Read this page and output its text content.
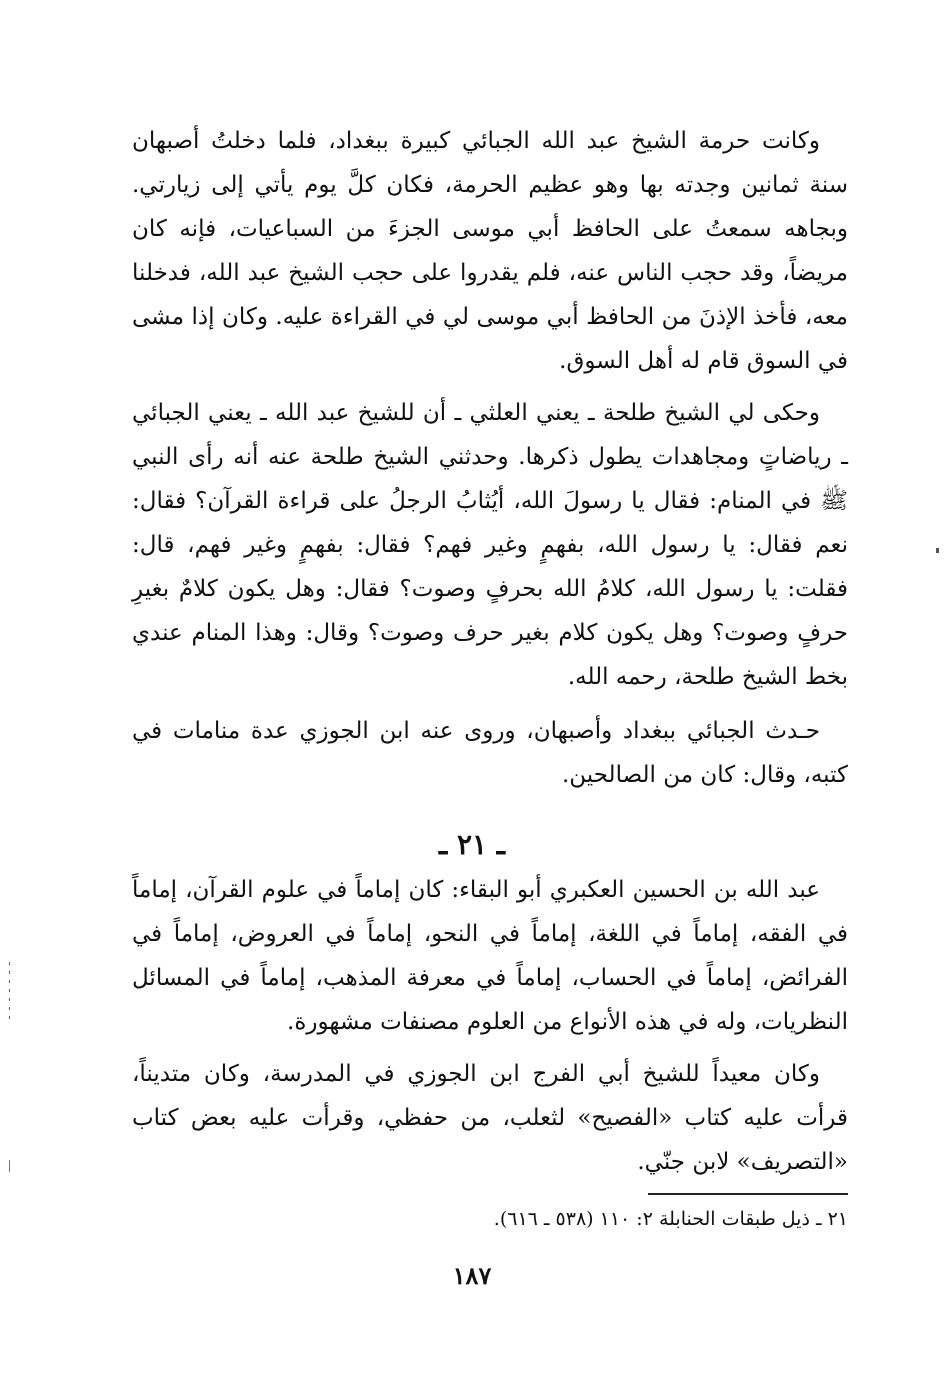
وكانت حرمة الشيخ عبد الله الجبائي كبيرة ببغداد، فلما دخلتُ أصبهان سنة ثمانين وجدته بها وهو عظيم الحرمة، فكان كلَّ يوم يأتي إلى زيارتي. وبجاهه سمعتُ على الحافظ أبي موسى الجزءَ من السباعيات، فإنه كان مريضاً، وقد حجب الناس عنه، فلم يقدروا على حجب الشيخ عبد الله، فدخلنا معه، فأخذ الإذنَ من الحافظ أبي موسى لي في القراءة عليه. وكان إذا مشى في السوق قام له أهل السوق.

وحكى لي الشيخ طلحة ـ يعني العلثي ـ أن للشيخ عبد الله ـ يعني الجبائي ـ رياضاتٍ ومجاهدات يطول ذكرها. وحدثني الشيخ طلحة عنه أنه رأى النبي ﷺ في المنام: فقال يا رسولَ الله، أيُثابُ الرجلُ على قراءة القرآن؟ فقال: نعم فقال: يا رسول الله، بفهمٍ وغير فهم؟ فقال: بفهمٍ وغير فهم، قال: فقلت: يا رسول الله، كلامُ الله بحرفٍ وصوت؟ فقال: وهل يكون كلامٌ بغيرِ حرفٍ وصوت؟ وهل يكون كلام بغير حرف وصوت؟ وقال: وهذا المنام عندي بخط الشيخ طلحة، رحمه الله.

حـدث الجبائي ببغداد وأصبهان، وروى عنه ابن الجوزي عدة منامات في كتبه، وقال: كان من الصالحين.

ـ ٢١ ـ

عبد الله بن الحسين العكبري أبو البقاء: كان إماماً في علوم القرآن، إماماً في الفقه، إماماً في اللغة، إماماً في النحو، إماماً في العروض، إماماً في الفرائض، إماماً في الحساب، إماماً في معرفة المذهب، إماماً في المسائل النظريات، وله في هذه الأنواع من العلوم مصنفات مشهورة.

وكان معيداً للشيخ أبي الفرج ابن الجوزي في المدرسة، وكان متديناً، قرأت عليه كتاب «الفصيح» لثعلب، من حفظي، وقرأت عليه بعض كتاب «التصريف» لابن جنّي.

٢١ ـ ذيل طبقات الحنابلة ٢: ١١٠ (٥٣٨ ـ ٦١٦).
١٨٧
